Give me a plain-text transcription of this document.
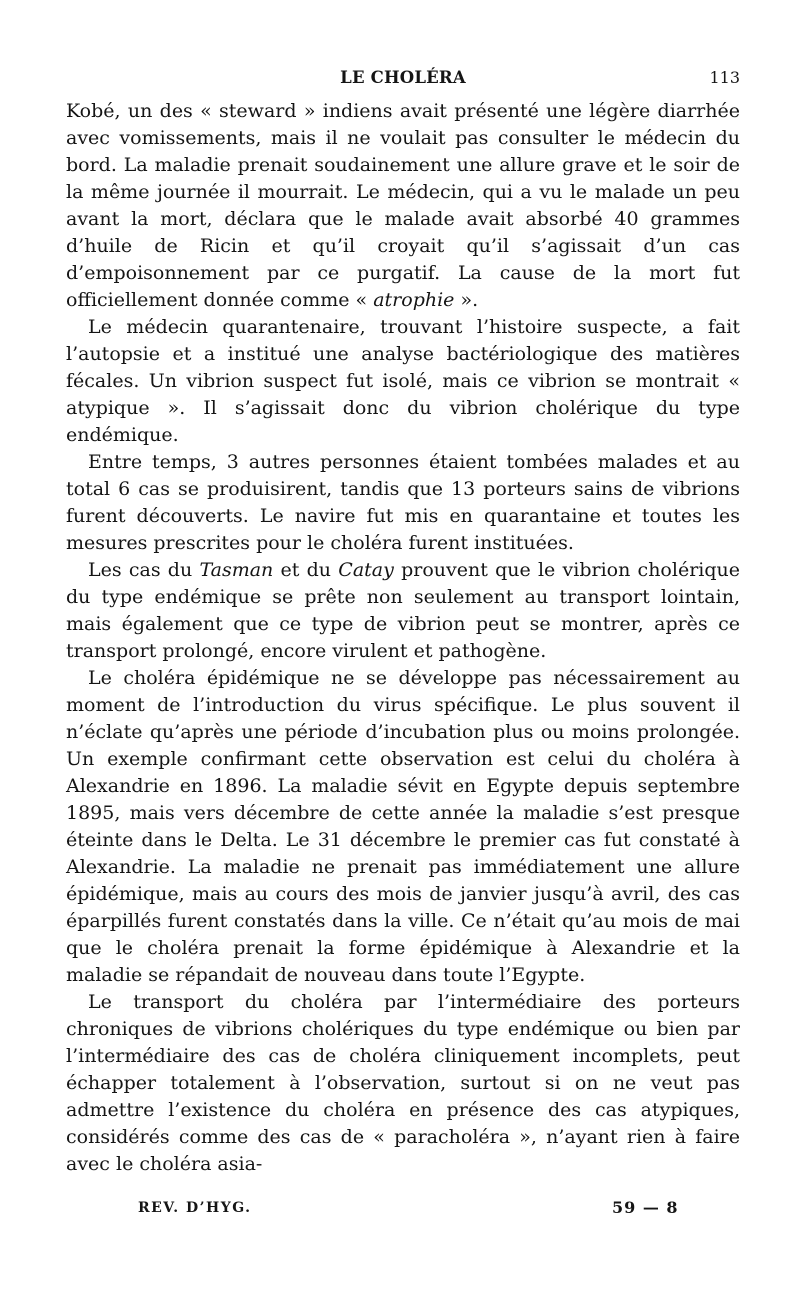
LE CHOLÉRA	113

Kobé, un des « steward » indiens avait présenté une légère diarrhée avec vomissements, mais il ne voulait pas consulter le médecin du bord. La maladie prenait soudainement une allure grave et le soir de la même journée il mourrait. Le médecin, qui a vu le malade un peu avant la mort, déclara que le malade avait absorbé 40 grammes d’huile de Ricin et qu’il croyait qu’il s’agissait d’un cas d’empoisonnement par ce purgatif. La cause de la mort fut officiellement donnée comme « atrophie ».

Le médecin quarantenaire, trouvant l’histoire suspecte, a fait l’autopsie et a institué une analyse bactériologique des matières fécales. Un vibrion suspect fut isolé, mais ce vibrion se montrait « atypique ». Il s’agissait donc du vibrion cholérique du type endémique.

Entre temps, 3 autres personnes étaient tombées malades et au total 6 cas se produisirent, tandis que 13 porteurs sains de vibrions furent découverts. Le navire fut mis en quarantaine et toutes les mesures prescrites pour le choléra furent instituées.

Les cas du Tasman et du Catay prouvent que le vibrion cholérique du type endémique se prête non seulement au transport lointain, mais également que ce type de vibrion peut se montrer, après ce transport prolongé, encore virulent et pathogène.

Le choléra épidémique ne se développe pas nécessairement au moment de l’introduction du virus spécifique. Le plus souvent il n’éclate qu’après une période d’incubation plus ou moins prolongée. Un exemple confirmant cette observation est celui du choléra à Alexandrie en 1896. La maladie sévit en Egypte depuis septembre 1895, mais vers décembre de cette année la maladie s’est presque éteinte dans le Delta. Le 31 décembre le premier cas fut constaté à Alexandrie. La maladie ne prenait pas immédiatement une allure épidémique, mais au cours des mois de janvier jusqu’à avril, des cas éparpillés furent constatés dans la ville. Ce n’était qu’au mois de mai que le choléra prenait la forme épidémique à Alexandrie et la maladie se répandait de nouveau dans toute l’Egypte.

Le transport du choléra par l’intermédiaire des porteurs chroniques de vibrions cholériques du type endémique ou bien par l’intermédiaire des cas de choléra cliniquement incomplets, peut échapper totalement à l’observation, surtout si on ne veut pas admettre l’existence du choléra en présence des cas atypiques, considérés comme des cas de « paracholéra », n’ayant rien à faire avec le choléra asia-

REV. D’HYG.	59 — 8
